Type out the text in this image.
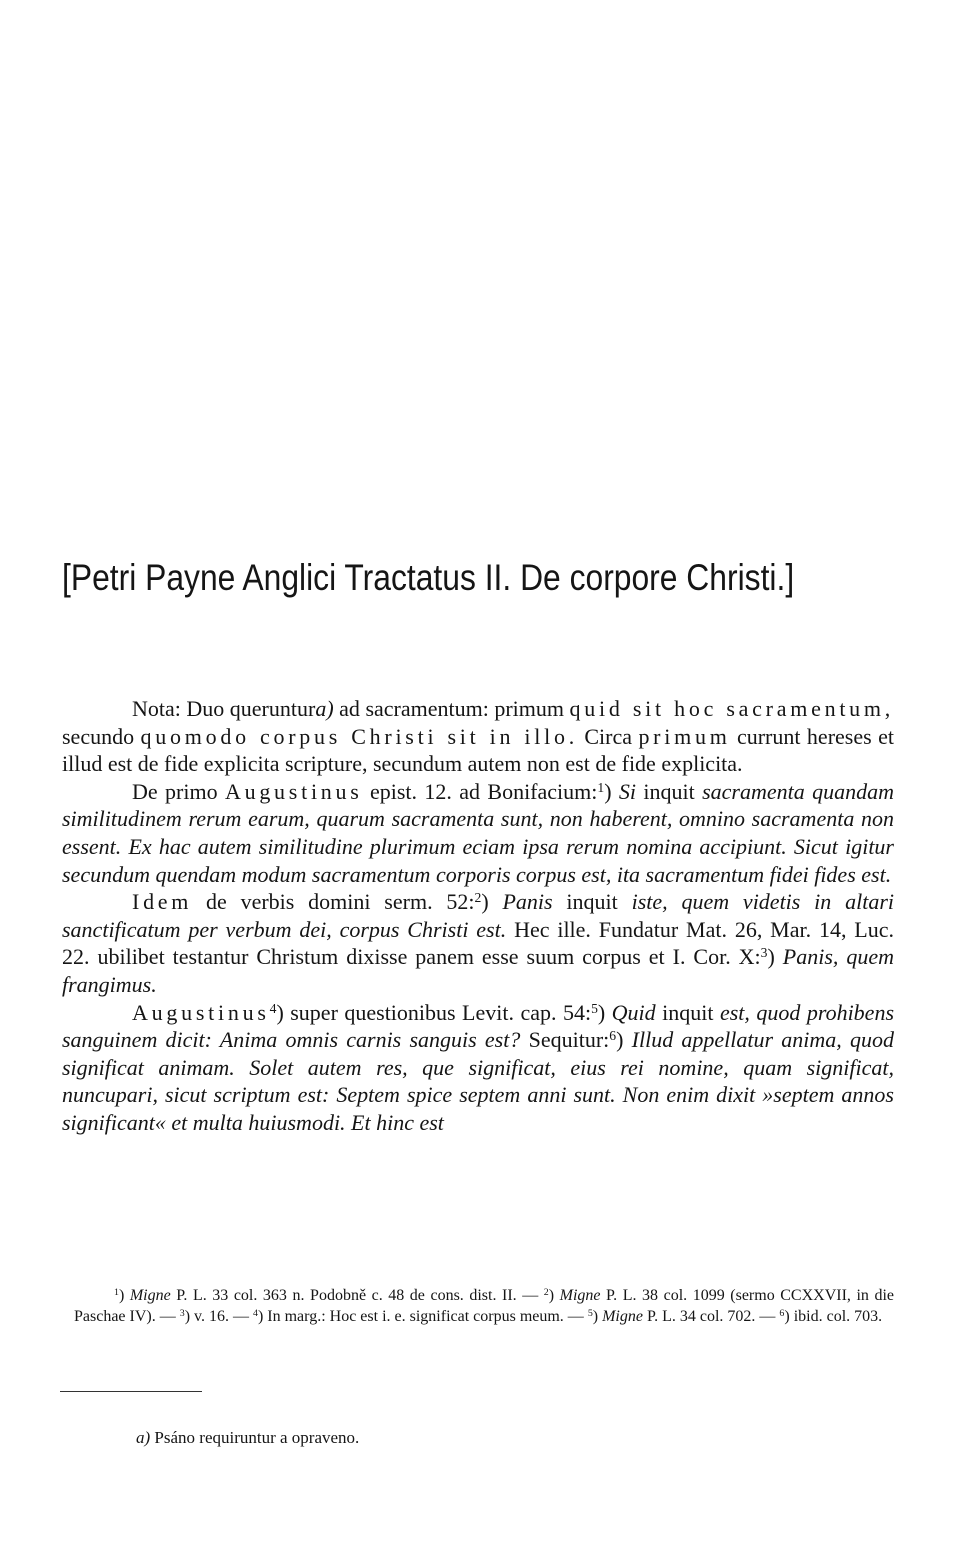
[Petri Payne Anglici Tractatus II. De corpore Christi.]

Nota: Duo queruntura) ad sacramentum: primum quid sit hoc sacramentum, secundo quomodo corpus Christi sit in illo. Circa primum currunt hereses et illud est de fide explicita scripture, secundum autem non est de fide explicita.

De primo Augustinus epist. 12. ad Bonifacium:$^1$) Si inquit sacramenta quandam similitudinem rerum earum, quarum sacramenta sunt, non haberent, omnino sacramenta non essent. Ex hac autem similitudine plurimum eciam ipsa rerum nomina accipiunt. Sicut igitur secundum quendam modum sacramentum corporis corpus est, ita sacramentum fidei fides est.

Idem de verbis domini serm. 52:$^2$) Panis inquit iste, quem videtis in altari sanctificatum per verbum dei, corpus Christi est. Hec ille. Fundatur Mat. 26, Mar. 14, Luc. 22. ubilibet testantur Christum dixisse panem esse suum corpus et I. Cor. X:$^3$) Panis, quem frangimus.

Augustinus$^4$) super questionibus Levit. cap. 54:$^5$) Quid inquit est, quod prohibens sanguinem dicit: Anima omnis carnis sanguis est? Sequitur:$^6$) Illud appellatur anima, quod significat animam. Solet autem res, que significat, eius rei nomine, quam significat, nuncupari, sicut scriptum est: Septem spice septem anni sunt. Non enim dixit »septem annos significant« et multa huiusmodi. Et hinc est

$^1$) Migne P. L. 33 col. 363 n. Podobně c. 48 de cons. dist. II. — $^2$) Migne P. L. 38 col. 1099 (sermo CCXXVII, in die Paschae IV). — $^3$) v. 16. — $^4$) In marg.: Hoc est i. e. significat corpus meum. — $^5$) Migne P. L. 34 col. 702. — $^6$) ibid. col. 703.

a) Psáno requiruntur a opraveno.
